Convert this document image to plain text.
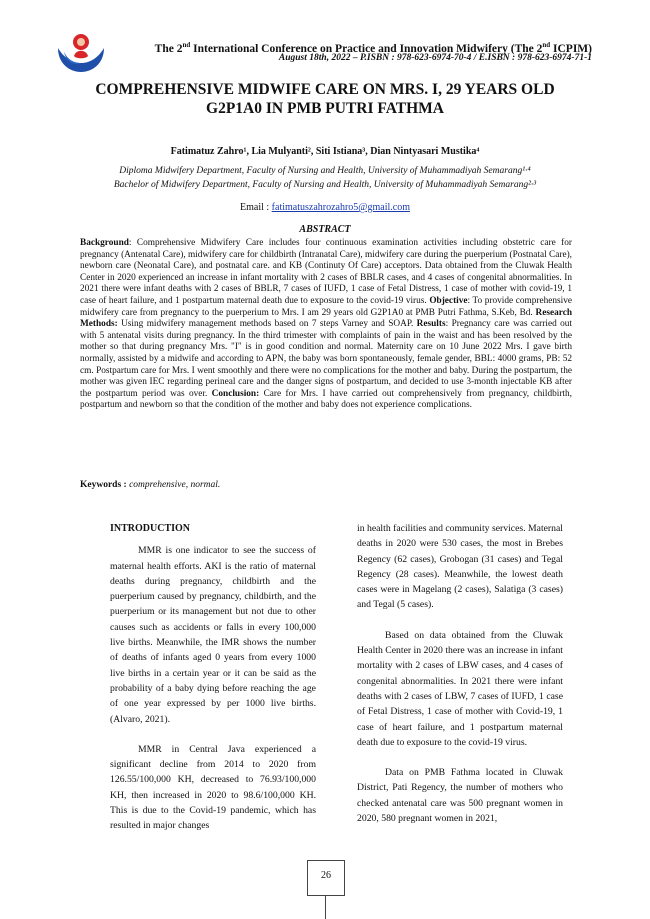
The 2nd International Conference on Practice and Innovation Midwifery (The 2nd ICPIM)
August 18th, 2022 – P.ISBN : 978-623-6974-70-4 / E.ISBN : 978-623-6974-71-1
COMPREHENSIVE MIDWIFE CARE ON MRS. I, 29 YEARS OLD
G2P1A0 IN PMB PUTRI FATHMA
Fatimatuz Zahro¹, Lia Mulyanti², Siti Istiana³, Dian Nintyasari Mustika⁴
Diploma Midwifery Department, Faculty of Nursing and Health, University of Muhammadiyah Semarang¹·⁴
Bachelor of Midwifery Department, Faculty of Nursing and Health, University of Muhammadiyah Semarang²·³
Email : fatimatuszahrozahro5@gmail.com
ABSTRACT
Background: Comprehensive Midwifery Care includes four continuous examination activities including obstetric care for pregnancy (Antenatal Care), midwifery care for childbirth (Intranatal Care), midwifery care during the puerperium (Postnatal Care), newborn care (Neonatal Care), and postnatal care. and KB (Continuty Of Care) acceptors. Data obtained from the Cluwak Health Center in 2020 experienced an increase in infant mortality with 2 cases of BBLR cases, and 4 cases of congenital abnormalities. In 2021 there were infant deaths with 2 cases of BBLR, 7 cases of IUFD, 1 case of Fetal Distress, 1 case of mother with covid-19, 1 case of heart failure, and 1 postpartum maternal death due to exposure to the covid-19 virus. Objective: To provide comprehensive midwifery care from pregnancy to the puerperium to Mrs. I am 29 years old G2P1A0 at PMB Putri Fathma, S.Keb, Bd. Research Methods: Using midwifery management methods based on 7 steps Varney and SOAP. Results: Pregnancy care was carried out with 5 antenatal visits during pregnancy. In the third trimester with complaints of pain in the waist and has been resolved by the mother so that during pregnancy Mrs. "I" is in good condition and normal. Maternity care on 10 June 2022 Mrs. I gave birth normally, assisted by a midwife and according to APN, the baby was born spontaneously, female gender, BBL: 4000 grams, PB: 52 cm. Postpartum care for Mrs. I went smoothly and there were no complications for the mother and baby. During the postpartum, the mother was given IEC regarding perineal care and the danger signs of postpartum, and decided to use 3-month injectable KB after the postpartum period was over. Conclusion: Care for Mrs. I have carried out comprehensively from pregnancy, childbirth, postpartum and newborn so that the condition of the mother and baby does not experience complications.
Keywords : comprehensive, normal.
INTRODUCTION

MMR is one indicator to see the success of maternal health efforts. AKI is the ratio of maternal deaths during pregnancy, childbirth and the puerperium caused by pregnancy, childbirth, and the puerperium or its management but not due to other causes such as accidents or falls in every 100,000 live births. Meanwhile, the IMR shows the number of deaths of infants aged 0 years from every 1000 live births in a certain year or it can be said as the probability of a baby dying before reaching the age of one year expressed by per 1000 live births. (Alvaro, 2021).

MMR in Central Java experienced a significant decline from 2014 to 2020 from 126.55/100,000 KH, decreased to 76.93/100,000 KH, then increased in 2020 to 98.6/100,000 KH. This is due to the Covid-19 pandemic, which has resulted in major changes

in health facilities and community services. Maternal deaths in 2020 were 530 cases, the most in Brebes Regency (62 cases), Grobogan (31 cases) and Tegal Regency (28 cases). Meanwhile, the lowest death cases were in Magelang (2 cases), Salatiga (3 cases) and Tegal (5 cases).

Based on data obtained from the Cluwak Health Center in 2020 there was an increase in infant mortality with 2 cases of LBW cases, and 4 cases of congenital abnormalities. In 2021 there were infant deaths with 2 cases of LBW, 7 cases of IUFD, 1 case of Fetal Distress, 1 case of mother with Covid-19, 1 case of heart failure, and 1 postpartum maternal death due to exposure to the covid-19 virus.

Data on PMB Fathma located in Cluwak District, Pati Regency, the number of mothers who checked antenatal care was 500 pregnant women in 2020, 580 pregnant women in 2021,

26
